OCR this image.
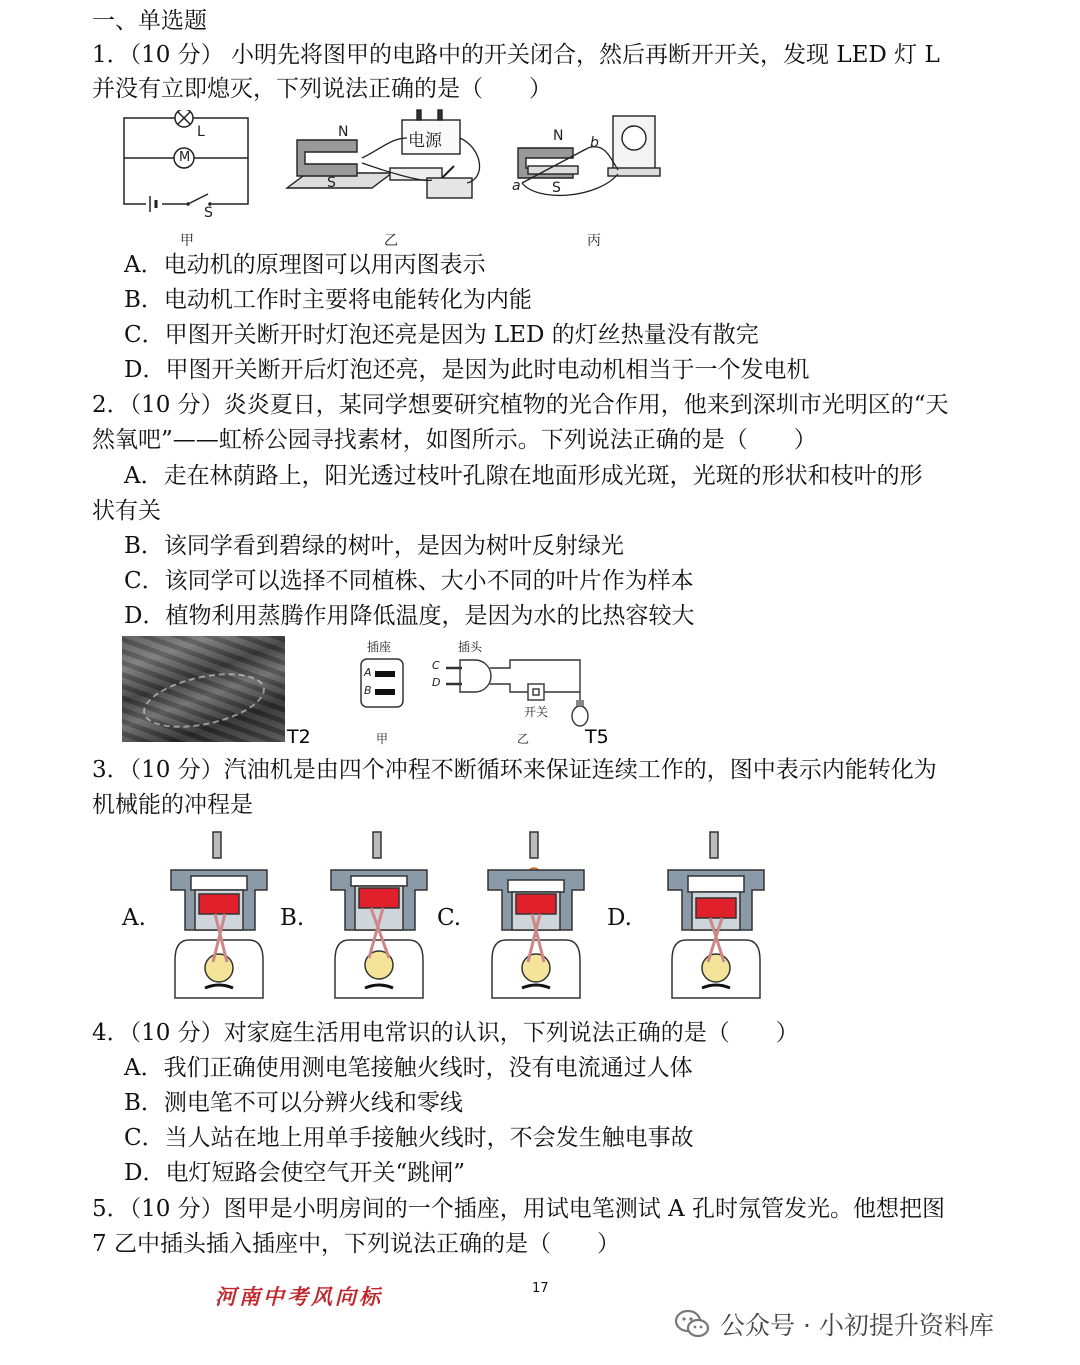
一、单选题
1．（10 分） 小明先将图甲的电路中的开关闭合，然后再断开开关，发现 LED 灯 L
并没有立即熄灭，下列说法正确的是（　　）
L
M
S
甲
N
S
电源
乙
N
S
a
b
丙
A．电动机的原理图可以用丙图表示
B．电动机工作时主要将电能转化为内能
C．甲图开关断开时灯泡还亮是因为 LED 的灯丝热量没有散完
D．甲图开关断开后灯泡还亮，是因为此时电动机相当于一个发电机
2．（10 分）炎炎夏日，某同学想要研究植物的光合作用，他来到深圳市光明区的“天
然氧吧”——虹桥公园寻找素材，如图所示。下列说法正确的是（　　）
A．走在林荫路上，阳光透过枝叶孔隙在地面形成光斑，光斑的形状和枝叶的形
状有关
B．该同学看到碧绿的树叶，是因为树叶反射绿光
C．该同学可以选择不同植株、大小不同的叶片作为样本
D．植物利用蒸腾作用降低温度，是因为水的比热容较大
T2
插座
A
B
甲
插头
C
D
开关
乙	T5
3．（10 分）汽油机是由四个冲程不断循环来保证连续工作的，图中表示内能转化为
机械能的冲程是
A.	B.	C.	D.
4．（10 分）对家庭生活用电常识的认识，下列说法正确的是（　　）
A．我们正确使用测电笔接触火线时，没有电流通过人体
B．测电笔不可以分辨火线和零线
C．当人站在地上用单手接触火线时，不会发生触电事故
D．电灯短路会使空气开关“跳闸”
5．（10 分）图甲是小明房间的一个插座，用试电笔测试 A 孔时氖管发光。他想把图
7 乙中插头插入插座中，下列说法正确的是（　　）
河南中考风向标	17
公众号 · 小初提升资料库
